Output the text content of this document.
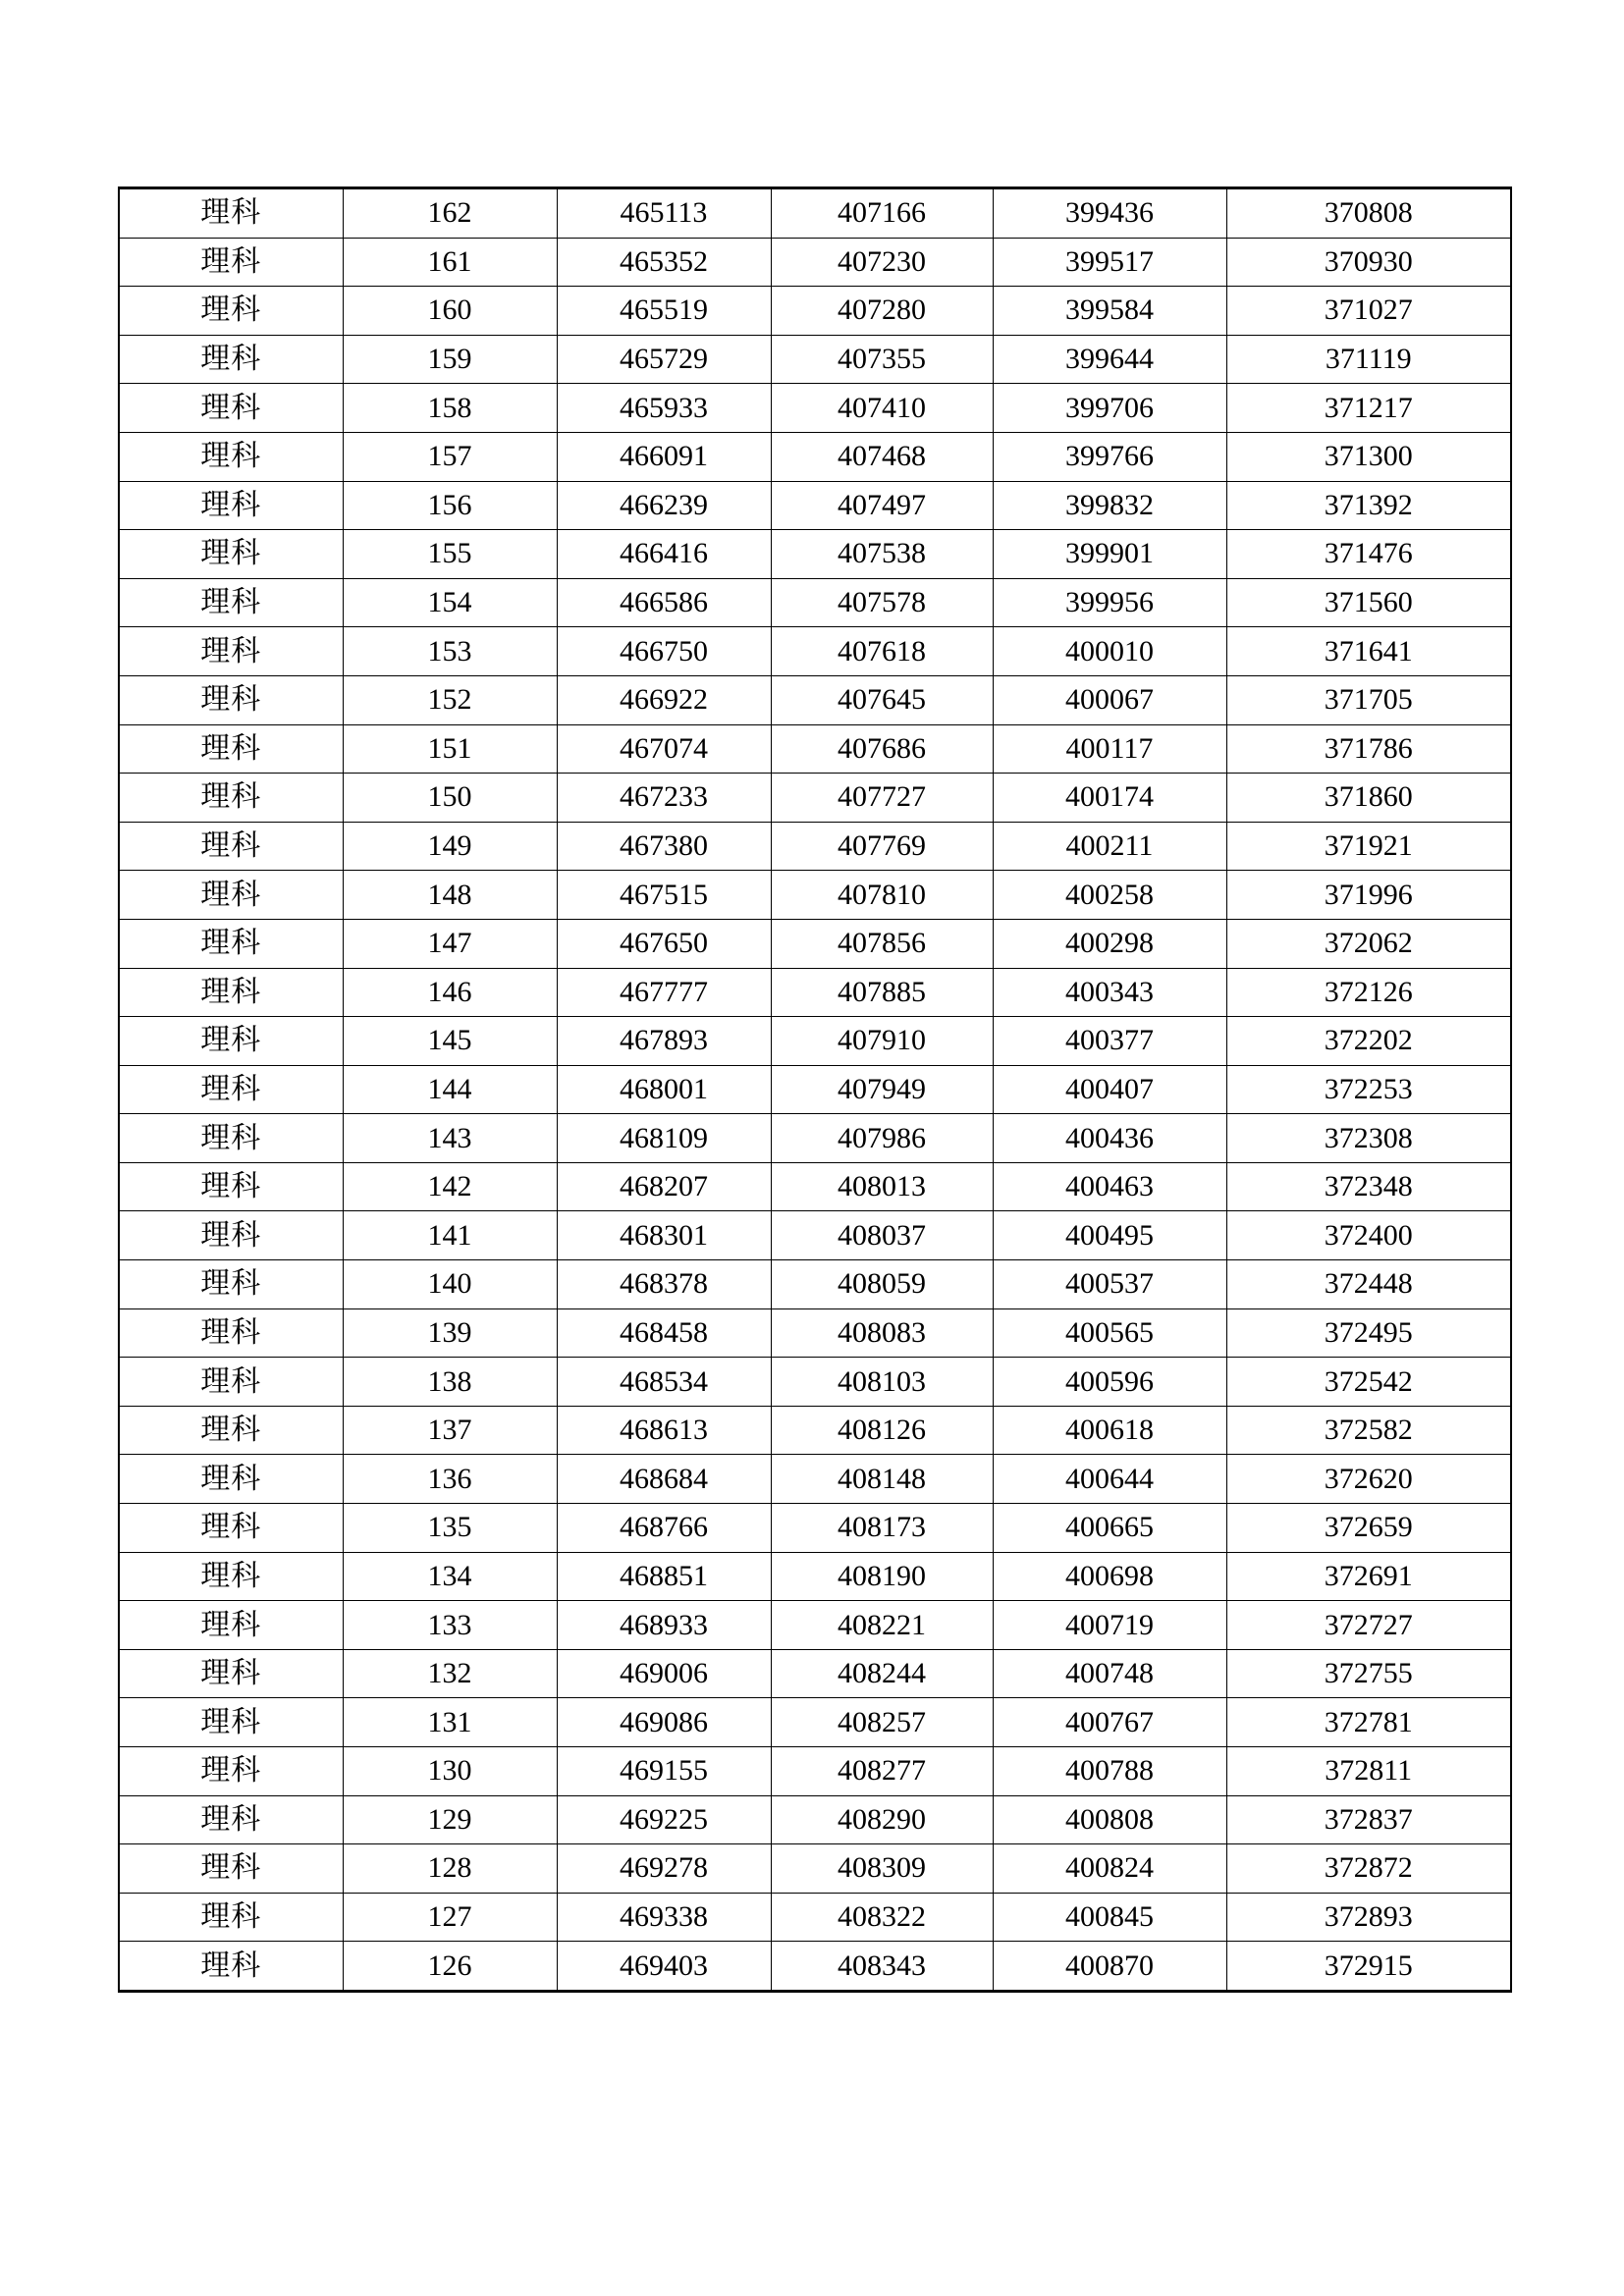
理科	162	465113	407166	399436	370808
理科	161	465352	407230	399517	370930
理科	160	465519	407280	399584	371027
理科	159	465729	407355	399644	371119
理科	158	465933	407410	399706	371217
理科	157	466091	407468	399766	371300
理科	156	466239	407497	399832	371392
理科	155	466416	407538	399901	371476
理科	154	466586	407578	399956	371560
理科	153	466750	407618	400010	371641
理科	152	466922	407645	400067	371705
理科	151	467074	407686	400117	371786
理科	150	467233	407727	400174	371860
理科	149	467380	407769	400211	371921
理科	148	467515	407810	400258	371996
理科	147	467650	407856	400298	372062
理科	146	467777	407885	400343	372126
理科	145	467893	407910	400377	372202
理科	144	468001	407949	400407	372253
理科	143	468109	407986	400436	372308
理科	142	468207	408013	400463	372348
理科	141	468301	408037	400495	372400
理科	140	468378	408059	400537	372448
理科	139	468458	408083	400565	372495
理科	138	468534	408103	400596	372542
理科	137	468613	408126	400618	372582
理科	136	468684	408148	400644	372620
理科	135	468766	408173	400665	372659
理科	134	468851	408190	400698	372691
理科	133	468933	408221	400719	372727
理科	132	469006	408244	400748	372755
理科	131	469086	408257	400767	372781
理科	130	469155	408277	400788	372811
理科	129	469225	408290	400808	372837
理科	128	469278	408309	400824	372872
理科	127	469338	408322	400845	372893
理科	126	469403	408343	400870	372915
